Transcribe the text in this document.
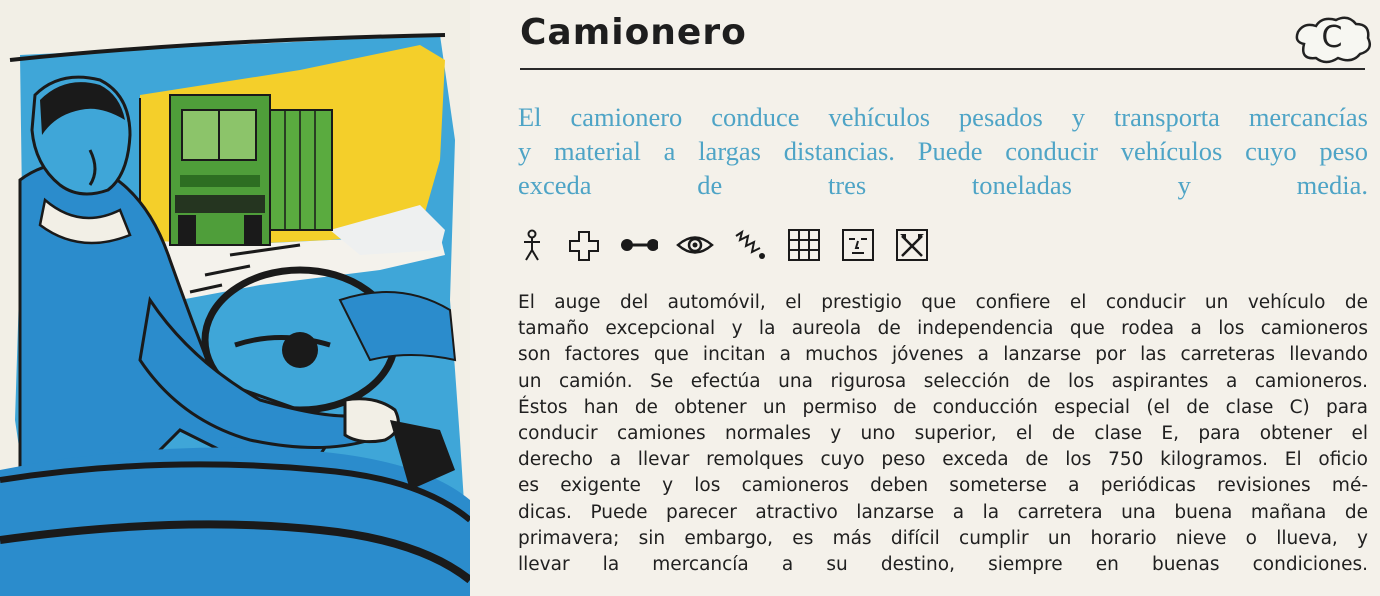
Camionero	C

El camionero conduce vehículos pesados y transporta mercancías
y material a largas distancias. Puede conducir vehículos cuyo peso
exceda de tres toneladas y media.

El auge del automóvil, el prestigio que confiere el conducir un vehículo de
tamaño excepcional y la aureola de independencia que rodea a los camioneros
son factores que incitan a muchos jóvenes a lanzarse por las carreteras llevando
un camión. Se efectúa una rigurosa selección de los aspirantes a camioneros.
Éstos han de obtener un permiso de conducción especial (el de clase C) para
conducir camiones normales y uno superior, el de clase E, para obtener el
derecho a llevar remolques cuyo peso exceda de los 750 kilogramos. El oficio
es exigente y los camioneros deben someterse a periódicas revisiones mé-
dicas. Puede parecer atractivo lanzarse a la carretera una buena mañana de
primavera; sin embargo, es más difícil cumplir un horario nieve o llueva, y
llevar la mercancía a su destino, siempre en buenas condiciones.
